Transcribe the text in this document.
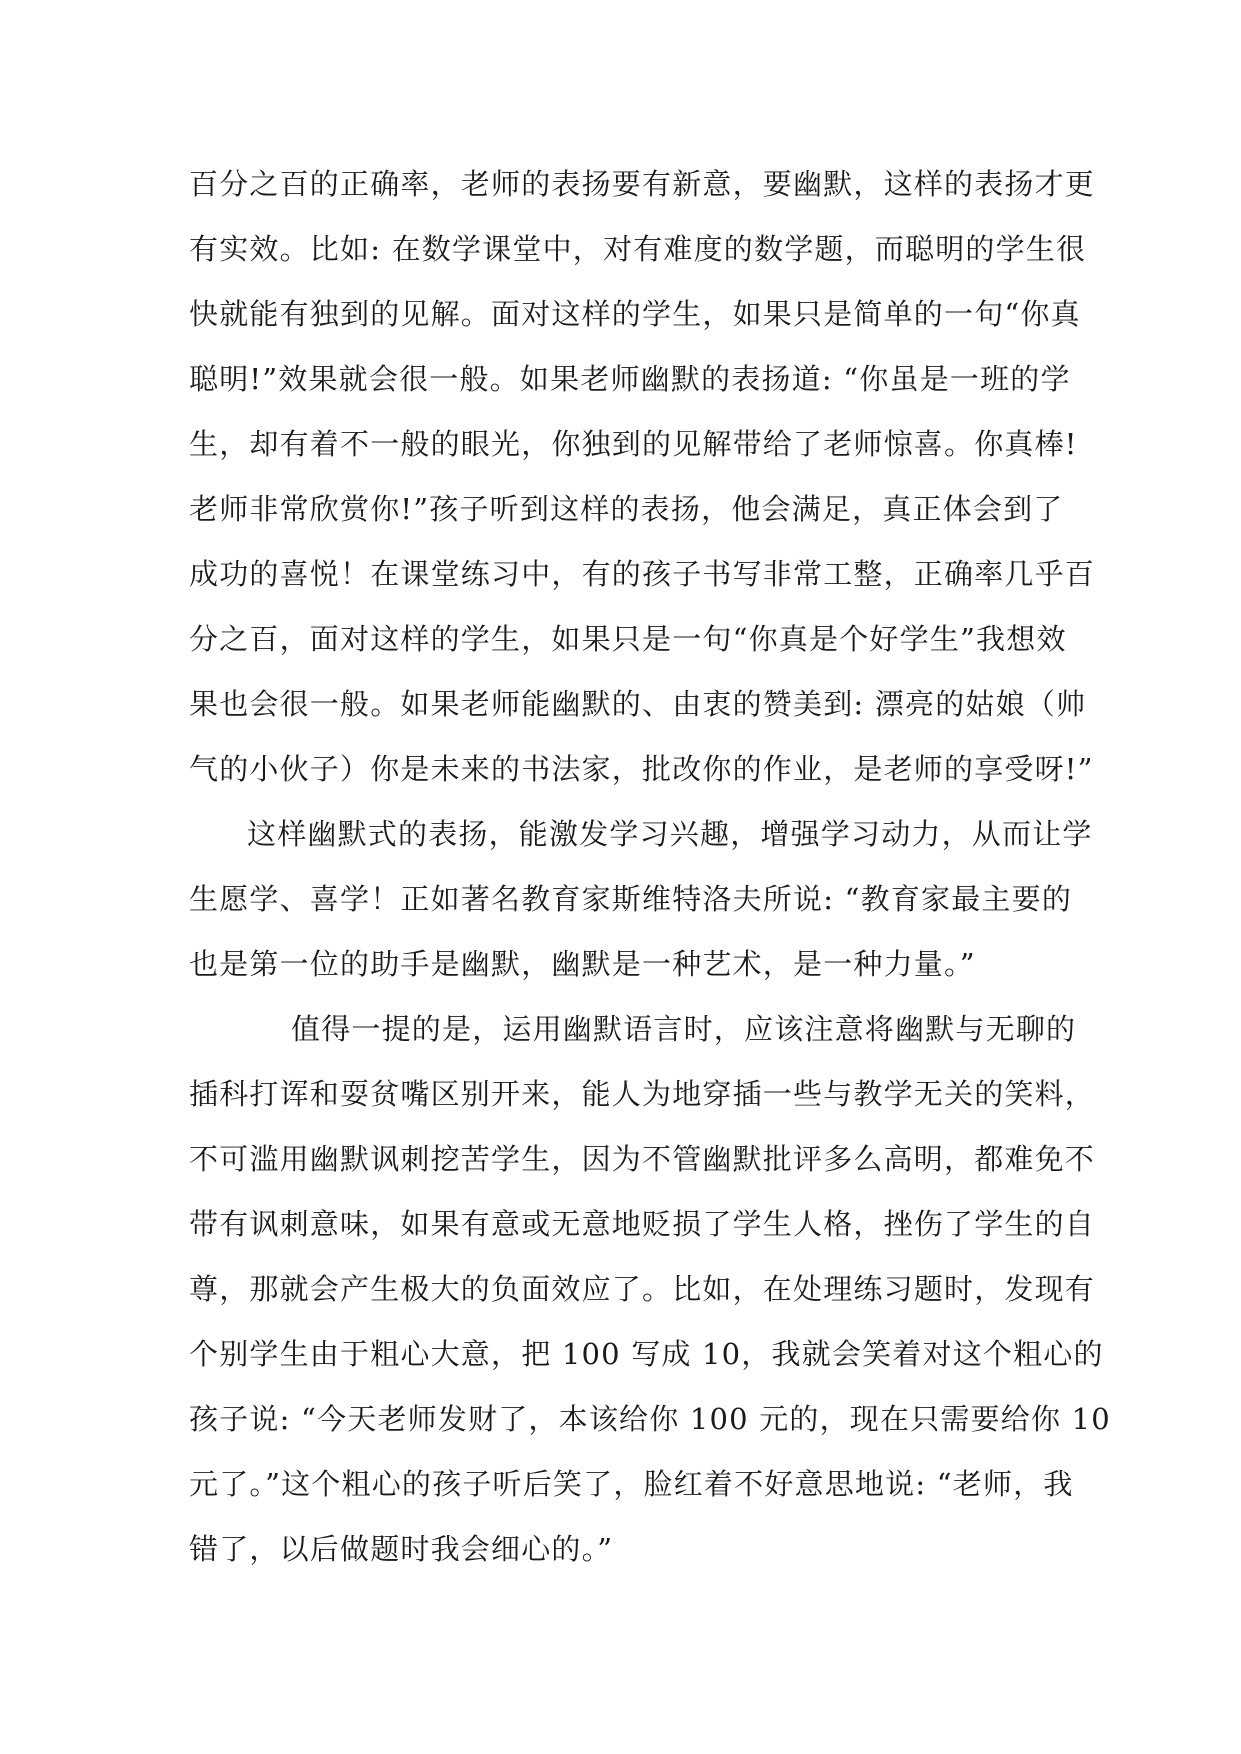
百分之百的正确率，老师的表扬要有新意，要幽默，这样的表扬才更
有实效。比如: 在数学课堂中，对有难度的数学题，而聪明的学生很
快就能有独到的见解。面对这样的学生，如果只是简单的一句“你真
聪明!”效果就会很一般。如果老师幽默的表扬道: “你虽是一班的学
生，却有着不一般的眼光，你独到的见解带给了老师惊喜。你真棒!
老师非常欣赏你!”孩子听到这样的表扬，他会满足，真正体会到了
成功的喜悦！在课堂练习中，有的孩子书写非常工整，正确率几乎百
分之百，面对这样的学生，如果只是一句“你真是个好学生”我想效
果也会很一般。如果老师能幽默的、由衷的赞美到: 漂亮的姑娘（帅
气的小伙子）你是未来的书法家，批改你的作业，是老师的享受呀!”
这样幽默式的表扬，能激发学习兴趣，增强学习动力，从而让学
生愿学、喜学！正如著名教育家斯维特洛夫所说: “教育家最主要的
也是第一位的助手是幽默，幽默是一种艺术，是一种力量。”
值得一提的是，运用幽默语言时，应该注意将幽默与无聊的
插科打诨和耍贫嘴区别开来，能人为地穿插一些与教学无关的笑料，
不可滥用幽默讽刺挖苦学生，因为不管幽默批评多么高明，都难免不
带有讽刺意味，如果有意或无意地贬损了学生人格，挫伤了学生的自
尊，那就会产生极大的负面效应了。比如，在处理练习题时，发现有
个别学生由于粗心大意，把 100 写成 10，我就会笑着对这个粗心的
孩子说: “今天老师发财了，本该给你 100 元的，现在只需要给你 10
元了。”这个粗心的孩子听后笑了，脸红着不好意思地说: “老师，我
错了，以后做题时我会细心的。”
